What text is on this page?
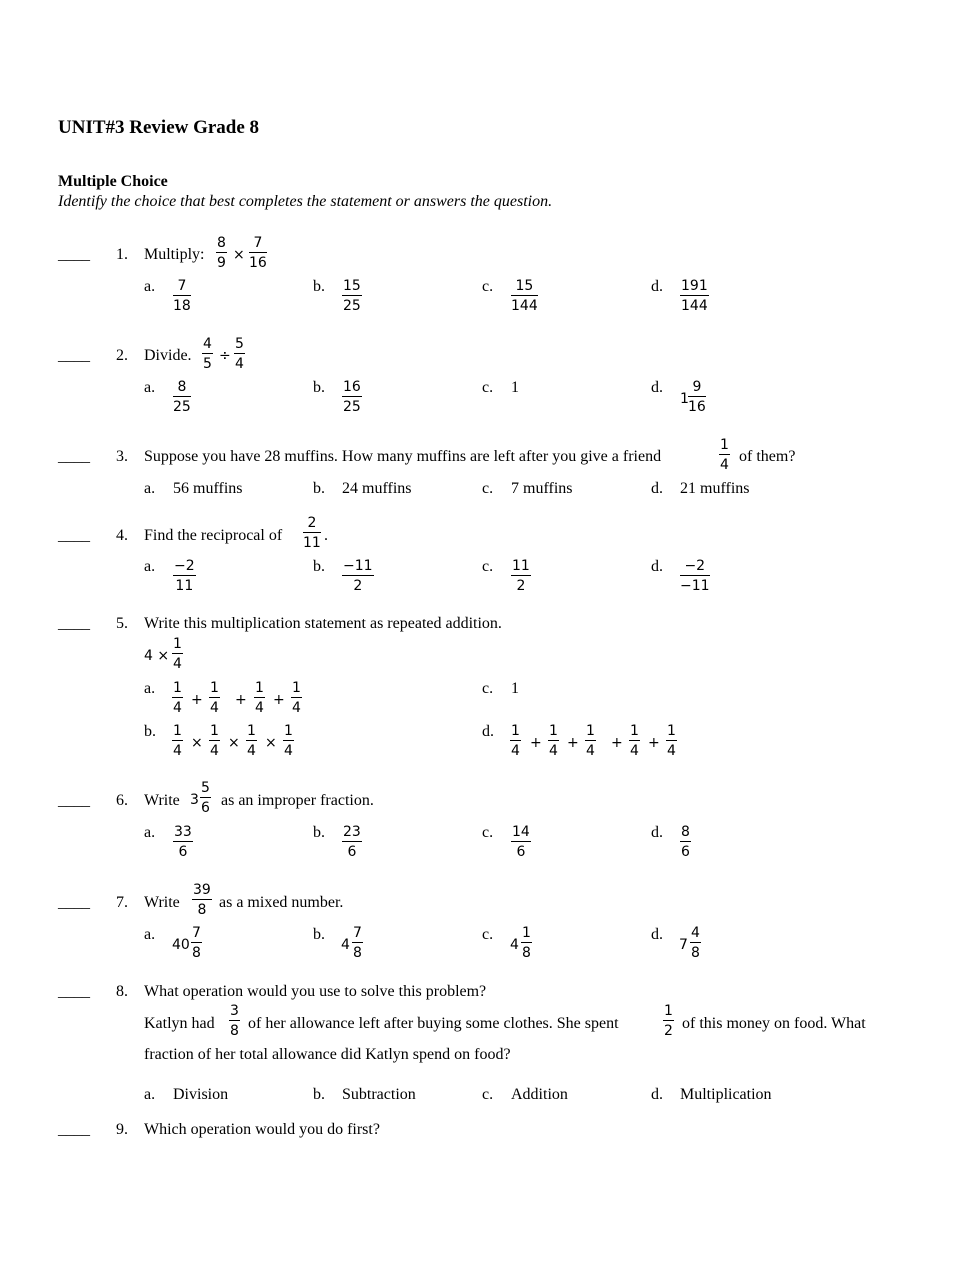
UNIT#3 Review Grade 8
Multiple Choice
Identify the choice that best completes the statement or answers the question.
____ 1. Multiply: $\frac{8}{9} \times \frac{7}{16}$
a. $\frac{7}{18}$	b. $\frac{15}{25}$	c. $\frac{15}{144}$	d. $\frac{191}{144}$
____ 2. Divide. $\frac{4}{5} \div \frac{5}{4}$
a. $\frac{8}{25}$	b. $\frac{16}{25}$	c. 1	d.
$1 \frac{9}{16}$
____ 3. Suppose you have 28 muffins. How many muffins are left after you give a friend	$\frac{1}{4}$ of them?
a. 56 muffins	b. 24 muffins	c. 7 muffins	d. 21 muffins
____ 4. Find the reciprocal of $\frac{2}{11}$ .
a. $\frac{-2}{11}$	b. $\frac{-11}{2}$	c. $\frac{11}{2}$	d. $\frac{-2}{-11}$
____ 5. Write this multiplication statement as repeated addition.
$4 \times \frac{1}{4}$
a. $\frac{1}{4} + \frac{1}{4} + \frac{1}{4} + \frac{1}{4}$	c. 1
b. $\frac{1}{4} \times \frac{1}{4} \times \frac{1}{4} \times \frac{1}{4}$	d. $\frac{1}{4} + \frac{1}{4} + \frac{1}{4} + \frac{1}{4} + \frac{1}{4}$
____ 6. Write $3 \frac{5}{6}$ as an improper fraction.
a. $\frac{33}{6}$	b. $\frac{23}{6}$	c. $\frac{14}{6}$	d. $\frac{8}{6}$
____ 7. Write $\frac{39}{8}$ as a mixed number.
a.
$40 \frac{7}{8}$	b.
$4 \frac{7}{8}$	c.
$4 \frac{1}{8}$	d.
$7 \frac{4}{8}$
____ 8. What operation would you use to solve this problem?
Katlyn had $\frac{3}{8}$ of her allowance left after buying some clothes. She spent	$\frac{1}{2}$ of this money on food. What
fraction of her total allowance did Katlyn spend on food?
a. Division	b. Subtraction	c. Addition	d. Multiplication
____ 9. Which operation would you do first?
